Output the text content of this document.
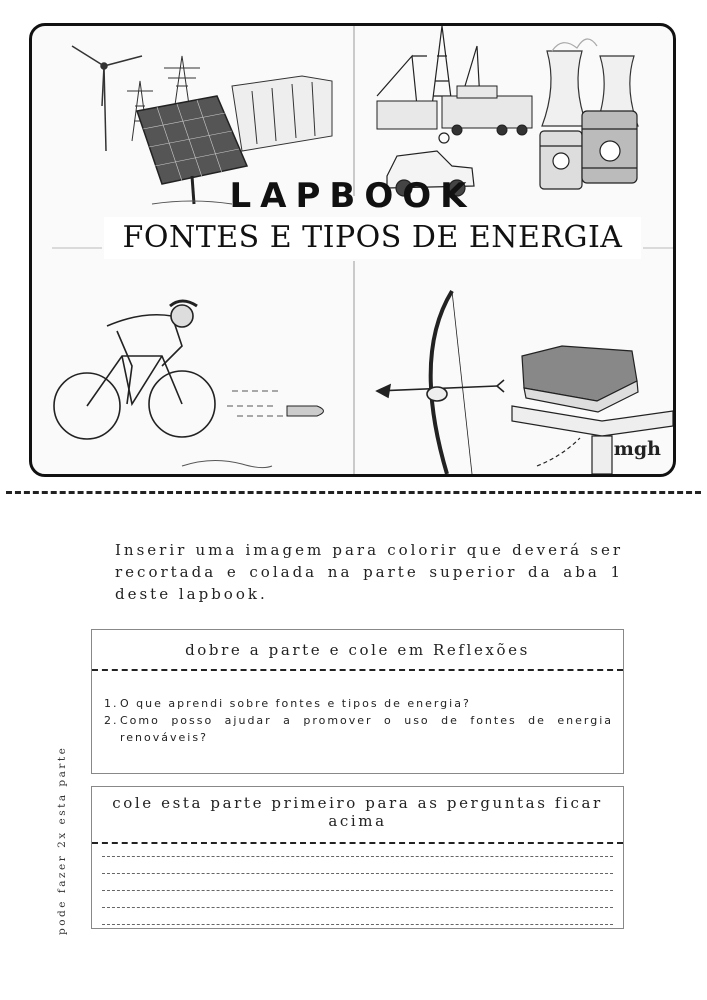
LAPBOOK
FONTES E TIPOS DE ENERGIA
mgh
Inserir uma imagem para colorir que deverá ser recortada e colada na parte superior da aba 1 deste lapbook.
pode fazer 2x esta parte
dobre a parte e cole em Reflexões
1. O que aprendi sobre fontes e tipos de energia?
2. Como posso ajudar a promover o uso de fontes de energia renováveis?
cole esta parte primeiro para as perguntas ficar acima
